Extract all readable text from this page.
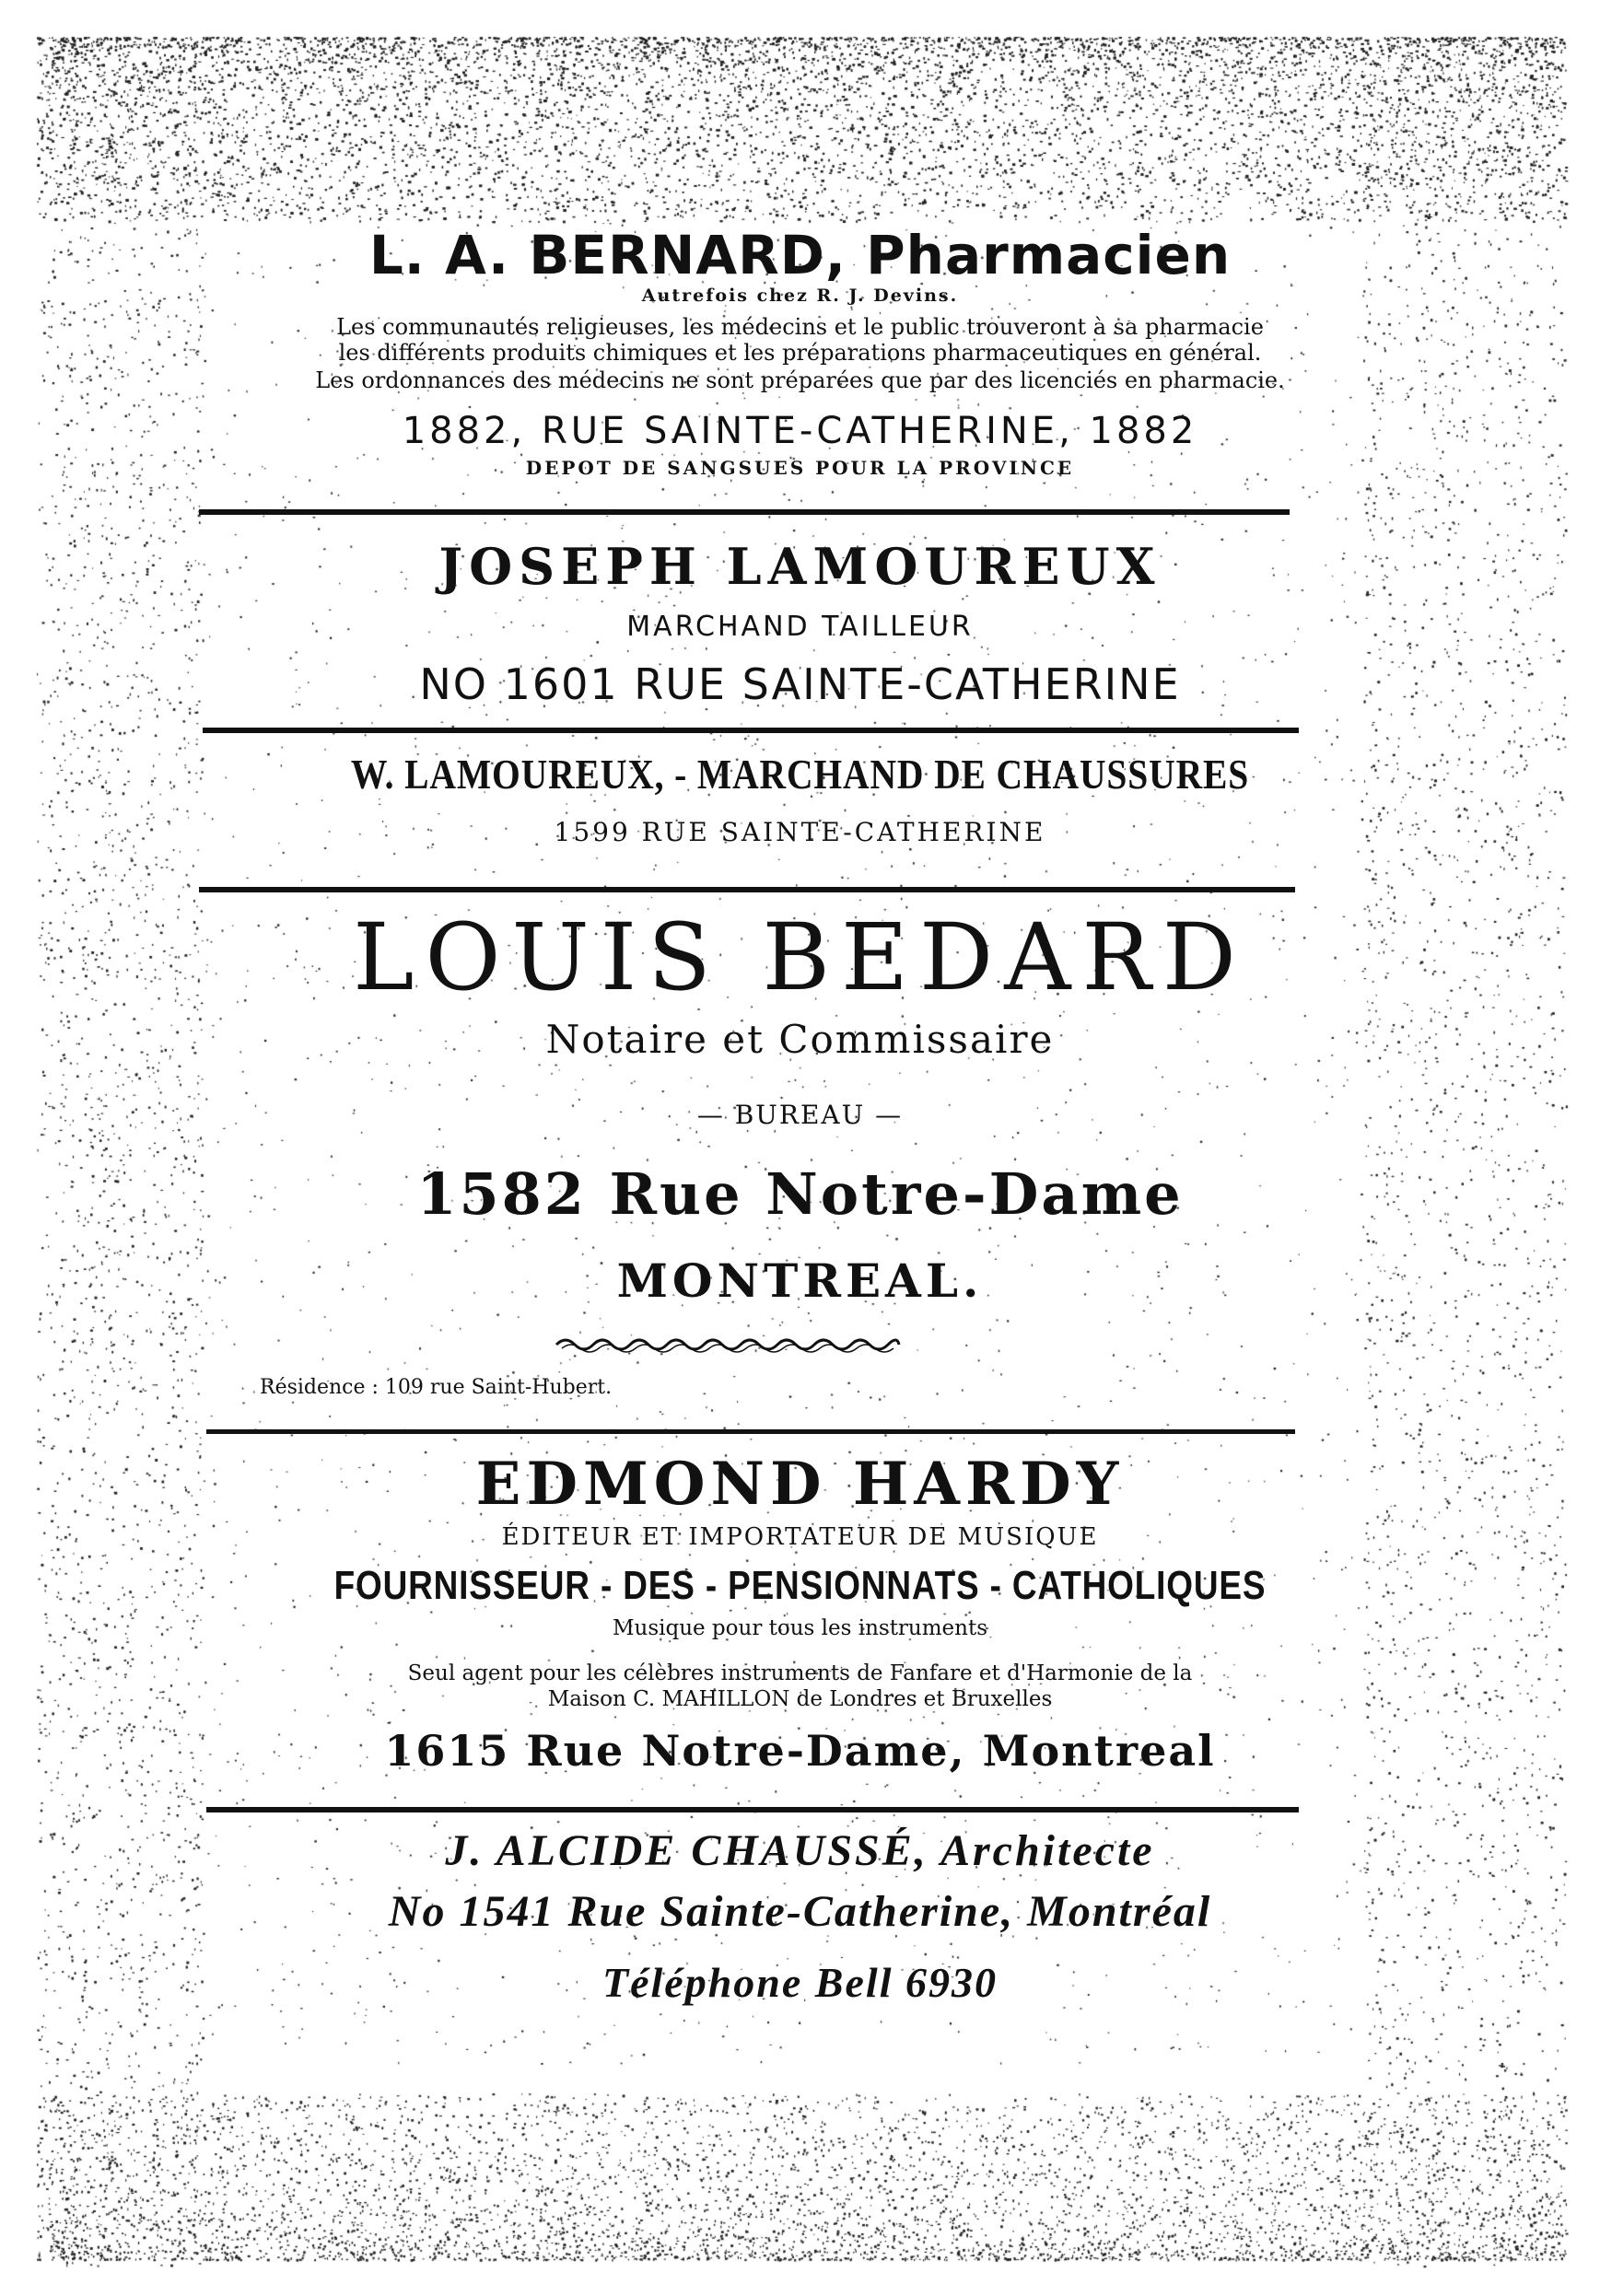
L. A. BERNARD, Pharmacien
Autrefois chez R. J. Devins.
Les communautés religieuses, les médecins et le public trouveront à sa pharmacie
les différents produits chimiques et les préparations pharmaceutiques en général.
Les ordonnances des médecins ne sont préparées que par des licenciés en pharmacie.
1882, RUE SAINTE-CATHERINE, 1882
DEPOT DE SANGSUES POUR LA PROVINCE
JOSEPH LAMOUREUX
MARCHAND TAILLEUR
NO 1601 RUE SAINTE-CATHERINE
W. LAMOUREUX, - MARCHAND DE CHAUSSURES
1599 RUE SAINTE-CATHERINE
LOUIS BEDARD
Notaire et Commissaire
— BUREAU —
1582 Rue Notre-Dame
MONTREAL.
Résidence : 109 rue Saint-Hubert.
EDMOND HARDY
ÉDITEUR ET IMPORTATEUR DE MUSIQUE
FOURNISSEUR - DES - PENSIONNATS - CATHOLIQUES
Musique pour tous les instruments
Seul agent pour les célèbres instruments de Fanfare et d'Harmonie de la
Maison C. MAHILLON de Londres et Bruxelles
1615 Rue Notre-Dame, Montreal
J. ALCIDE CHAUSSÉ, Architecte
No 1541 Rue Sainte-Catherine, Montréal
Téléphone Bell 6930
